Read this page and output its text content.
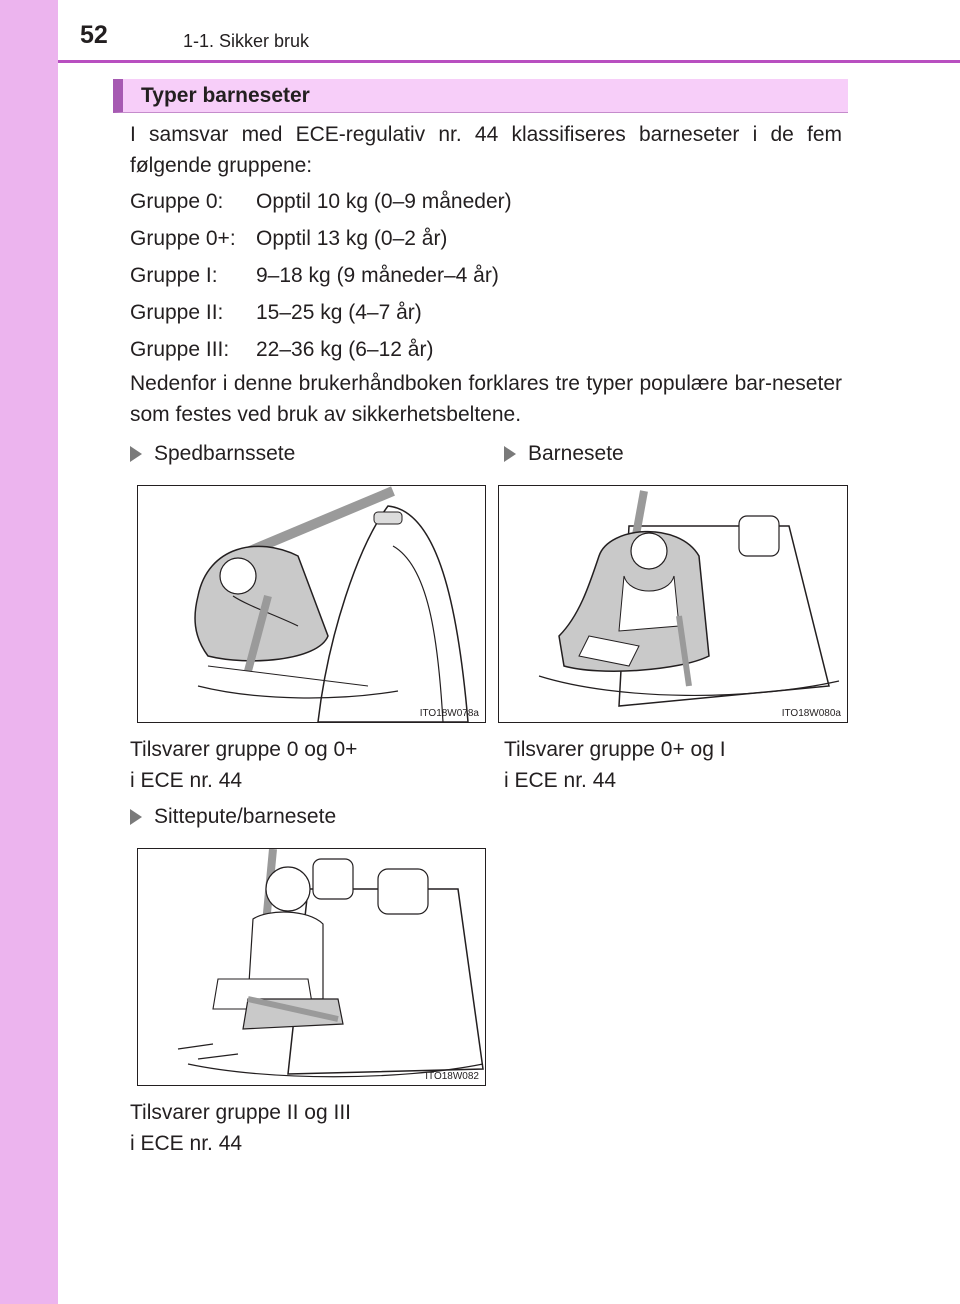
52	1-1. Sikker bruk
Typer barneseter
I samsvar med ECE-regulativ nr. 44 klassifiseres barneseter i de fem følgende gruppene:
Gruppe 0:	Opptil 10 kg (0–9 måneder)
Gruppe 0+: Opptil 13 kg (0–2 år)
Gruppe I:	9–18 kg (9 måneder–4 år)
Gruppe II:	15–25 kg (4–7 år)
Gruppe III:	22–36 kg (6–12 år)
Nedenfor i denne brukerhåndboken forklares tre typer populære bar-neseter som festes ved bruk av sikkerhetsbeltene.
Spedbarnssete
ITO18W078a
Tilsvarer gruppe 0 og 0+
i ECE nr. 44
Barnesete
ITO18W080a
Tilsvarer gruppe 0+ og I
i ECE nr. 44
Sittepute/barnesete
ITO18W082
Tilsvarer gruppe II og III
i ECE nr. 44
